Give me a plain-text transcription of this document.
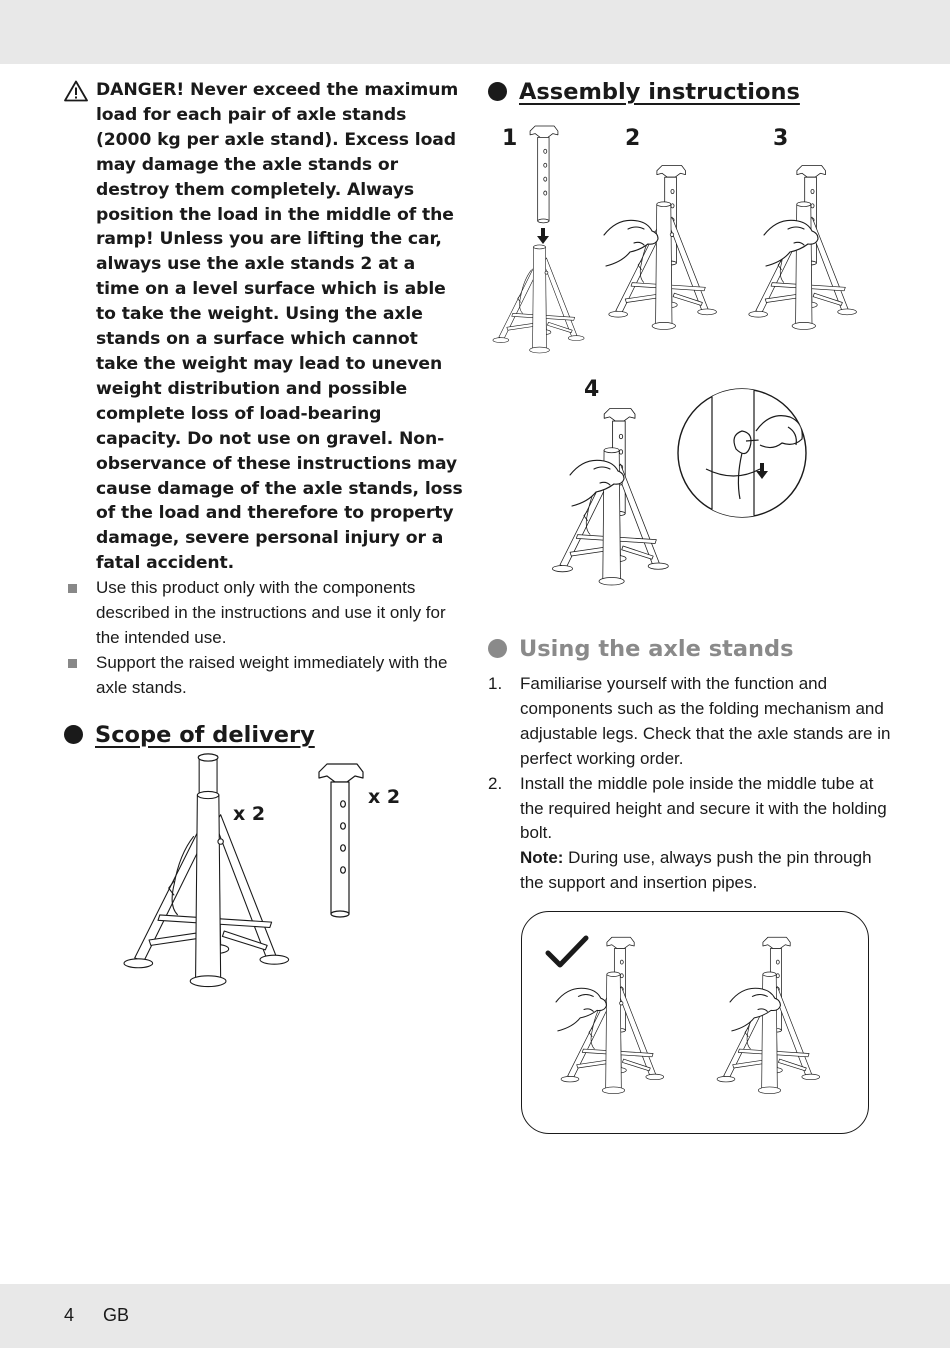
DANGER! Never exceed the maximum load for each pair of axle stands (2000 kg per axle stand). Excess load may damage the axle stands or destroy them completely. Always position the load in the middle of the ramp! Unless you are lifting the car, always use the axle stands 2 at a time on a level surface which is able to take the weight. Using the axle stands on a surface which cannot take the weight may lead to uneven weight distribution and possible complete loss of load-bearing capacity. Do not use on gravel. Non-observance of these instructions may cause damage of the axle stands, loss of the load and therefore to property damage, severe personal injury or a fatal accident.
Use this product only with the components described in the instructions and use it only for the intended use.
Support the raised weight immediately with the axle stands.
Scope of delivery
x 2
x 2
Assembly instructions
1	2	3
4
Using the axle stands
1. Familiarise yourself with the function and components such as the folding mechanism and adjustable legs. Check that the axle stands are in perfect working order.
2. Install the middle pole inside the middle tube at the required height and secure it with the holding bolt.
Note: During use, always push the pin through the support and insertion pipes.
4 GB
